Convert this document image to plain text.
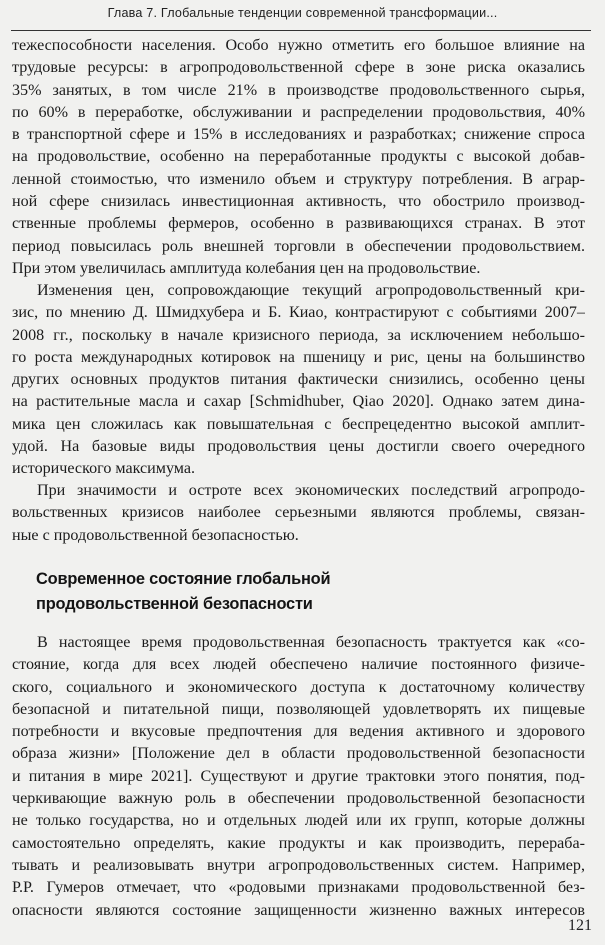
Глава 7. Глобальные тенденции современной трансформации...
тежеспособности населения. Особо нужно отметить его большое влияние на
трудовые ресурсы: в агропродовольственной сфере в зоне риска оказались
35% занятых, в том числе 21% в производстве продовольственного сырья,
по 60% в переработке, обслуживании и распределении продовольствия, 40%
в транспортной сфере и 15% в исследованиях и разработках; снижение спроса
на продовольствие, особенно на переработанные продукты с высокой добав-
ленной стоимостью, что изменило объем и структуру потребления. В аграр-
ной сфере снизилась инвестиционная активность, что обострило производ-
ственные проблемы фермеров, особенно в развивающихся странах. В этот
период повысилась роль внешней торговли в обеспечении продовольствием.
При этом увеличилась амплитуда колебания цен на продовольствие.
Изменения цен, сопровождающие текущий агропродовольственный кри-
зис, по мнению Д. Шмидхубера и Б. Киао, контрастируют с событиями 2007–
2008 гг., поскольку в начале кризисного периода, за исключением небольшо-
го роста международных котировок на пшеницу и рис, цены на большинство
других основных продуктов питания фактически снизились, особенно цены
на растительные масла и сахар [Schmidhuber, Qiao 2020]. Однако затем дина-
мика цен сложилась как повышательная с беспрецедентно высокой амплит-
удой. На базовые виды продовольствия цены достигли своего очередного
исторического максимума.
При значимости и остроте всех экономических последствий агропродо-
вольственных кризисов наиболее серьезными являются проблемы, связан-
ные с продовольственной безопасностью.
Современное состояние глобальной
продовольственной безопасности
В настоящее время продовольственная безопасность трактуется как «со-
стояние, когда для всех людей обеспечено наличие постоянного физиче-
ского, социального и экономического доступа к достаточному количеству
безопасной и питательной пищи, позволяющей удовлетворять их пищевые
потребности и вкусовые предпочтения для ведения активного и здорового
образа жизни» [Положение дел в области продовольственной безопасности
и питания в мире 2021]. Существуют и другие трактовки этого понятия, под-
черкивающие важную роль в обеспечении продовольственной безопасности
не только государства, но и отдельных людей или их групп, которые должны
самостоятельно определять, какие продукты и как производить, перераба-
тывать и реализовывать внутри агропродовольственных систем. Например,
Р.Р. Гумеров отмечает, что «родовыми признаками продовольственной без-
опасности являются состояние защищенности жизненно важных интересов
121
